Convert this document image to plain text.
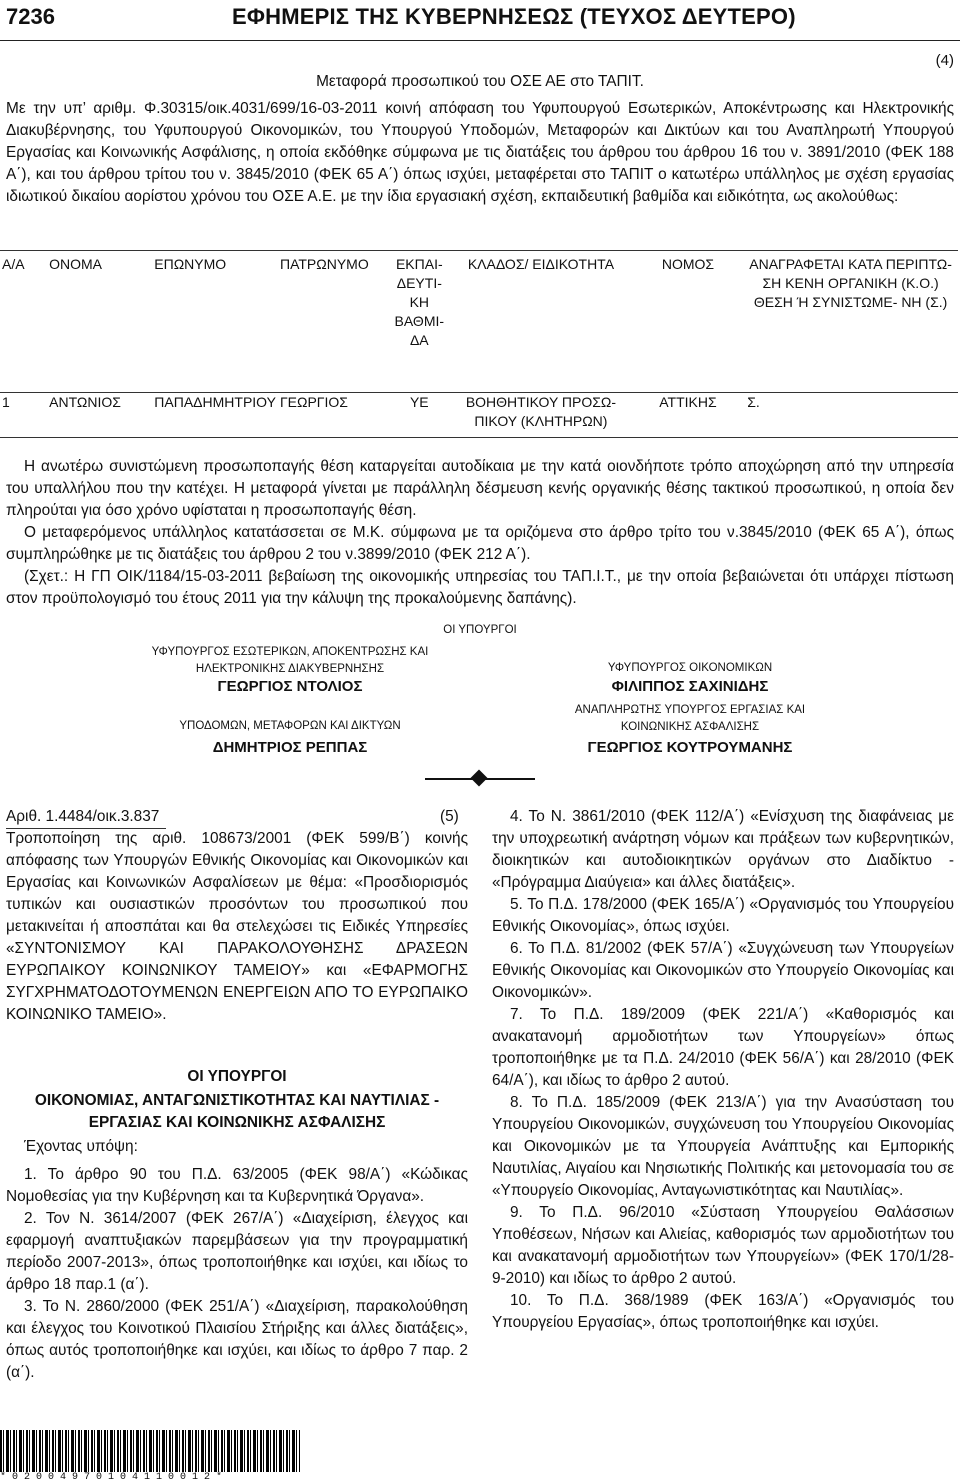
7236	ΕΦΗΜΕΡΙΣ ΤΗΣ ΚΥΒΕΡΝΗΣΕΩΣ (ΤΕΥΧΟΣ ΔΕΥΤΕΡΟ)
(4)
Μεταφορά προσωπικού του ΟΣΕ ΑΕ στο ΤΑΠΙΤ.
Με την υπ’ αριθμ. Φ.30315/οικ.4031/699/16-03-2011 κοινή απόφαση του Υφυπουργού Εσωτερικών, Αποκέντρωσης και Ηλεκτρονικής Διακυβέρνησης, του Υφυπουργού Οικονομικών, του Υπουργού Υποδομών, Μεταφορών και Δικτύων και του Αναπληρωτή Υπουργού Εργασίας και Κοινωνικής Ασφάλισης, η οποία εκδόθηκε σύμφωνα με τις διατάξεις του άρθρου του άρθρου 16 του ν. 3891/2010 (ΦΕΚ 188 Α΄), και του άρθρου τρίτου του ν. 3845/2010 (ΦΕΚ 65 Α΄) όπως ισχύει, μεταφέρεται στο ΤΑΠΙΤ ο κατωτέρω υπάλληλος με σχέση εργασίας ιδιωτικού δικαίου αορίστου χρόνου του ΟΣΕ Α.Ε. με την ίδια εργασιακή σχέση, εκπαιδευτική βαθμίδα και ειδικότητα, ως ακολούθως:
Α/Α	ΟΝΟΜΑ	ΕΠΩΝΥΜΟ	ΠΑΤΡΩΝΥΜΟ	ΕΚΠΑΙ- ΔΕΥΤΙ- ΚΗ ΒΑΘΜΙ- ΔΑ	ΚΛΑΔΟΣ/ ΕΙΔΙΚΟΤΗΤΑ	ΝΟΜΟΣ	ΑΝΑΓΡΑΦΕΤΑΙ ΚΑΤΑ ΠΕΡΙΠΤΩ- ΣΗ ΚΕΝΗ ΟΡΓΑΝΙΚΗ (Κ.Ο.) ΘΕΣΗ Ή ΣΥΝΙΣΤΩΜΕ- ΝΗ (Σ.)
1	ΑΝΤΩΝΙΟΣ	ΠΑΠΑΔΗΜΗΤΡΙΟΥ	ΓΕΩΡΓΙΟΣ	ΥΕ	ΒΟΗΘΗΤΙΚΟΥ ΠΡΟΣΩ- ΠΙΚΟΥ (ΚΛΗΤΗΡΩΝ)	ΑΤΤΙΚΗΣ	Σ.
Η ανωτέρω συνιστώμενη προσωποπαγής θέση καταργείται αυτοδίκαια με την κατά οιονδήποτε τρόπο αποχώρηση από την υπηρεσία του υπαλλήλου που την κατέχει. Η μεταφορά γίνεται με παράλληλη δέσμευση κενής οργανικής θέσης τακτικού προσωπικού, η οποία δεν πληρούται για όσο χρόνο υφίσταται η προσωποπαγής θέση.
Ο μεταφερόμενος υπάλληλος κατατάσσεται σε Μ.Κ. σύμφωνα με τα οριζόμενα στο άρθρο τρίτο του ν.3845/2010 (ΦΕΚ 65 Α΄), όπως συμπληρώθηκε με τις διατάξεις του άρθρου 2 του ν.3899/2010 (ΦΕΚ 212 Α΄).
(Σχετ.: Η ΓΠ ΟΙΚ/1184/15-03-2011 βεβαίωση της οικονομικής υπηρεσίας του ΤΑΠ.Ι.Τ., με την οποία βεβαιώνεται ότι υπάρχει πίστωση στον προϋπολογισμό του έτους 2011 για την κάλυψη της προκαλούμενης δαπάνης).
ΟΙ ΥΠΟΥΡΓΟΙ
ΥΦΥΠΟΥΡΓΟΣ ΕΣΩΤΕΡΙΚΩΝ, ΑΠΟΚΕΝΤΡΩΣΗΣ ΚΑΙ ΗΛΕΚΤΡΟΝΙΚΗΣ ΔΙΑΚΥΒΕΡΝΗΣΗΣ
ΓΕΩΡΓΙΟΣ ΝΤΟΛΙΟΣ
ΥΦΥΠΟΥΡΓΟΣ ΟΙΚΟΝΟΜΙΚΩΝ
ΦΙΛΙΠΠΟΣ ΣΑΧΙΝΙΔΗΣ
ΥΠΟΔΟΜΩΝ, ΜΕΤΑΦΟΡΩΝ ΚΑΙ ΔΙΚΤΥΩΝ
ΔΗΜΗΤΡΙΟΣ ΡΕΠΠΑΣ
ΑΝΑΠΛΗΡΩΤΗΣ ΥΠΟΥΡΓΟΣ ΕΡΓΑΣΙΑΣ ΚΑΙ ΚΟΙΝΩΝΙΚΗΣ ΑΣΦΑΛΙΣΗΣ
ΓΕΩΡΓΙΟΣ ΚΟΥΤΡΟΥΜΑΝΗΣ
Αριθ. 1.4484/οικ.3.837	(5)
Τροποποίηση της αριθ. 108673/2001 (ΦΕΚ 599/Β΄) κοινής απόφασης των Υπουργών Εθνικής Οικονομίας και Οικονομικών και Εργασίας και Κοινωνικών Ασφαλίσεων με θέμα: «Προσδιορισμός τυπικών και ουσιαστικών προσόντων του προσωπικού που μετακινείται ή αποσπάται και θα στελεχώσει τις Ειδικές Υπηρεσίες «ΣΥΝΤΟΝΙΣΜΟΥ ΚΑΙ ΠΑΡΑΚΟΛΟΥΘΗΣΗΣ ΔΡΑΣΕΩΝ ΕΥΡΩΠΑΙΚΟΥ ΚΟΙΝΩΝΙΚΟΥ ΤΑΜΕΙΟΥ» και «ΕΦΑΡΜΟΓΗΣ ΣΥΓΧΡΗΜΑΤΟΔΟΤΟΥΜΕΝΩΝ ΕΝΕΡΓΕΙΩΝ ΑΠΟ ΤΟ ΕΥΡΩΠΑΙΚΟ ΚΟΙΝΩΝΙΚΟ ΤΑΜΕΙΟ».
ΟΙ ΥΠΟΥΡΓΟΙ
ΟΙΚΟΝΟΜΙΑΣ, ΑΝΤΑΓΩΝΙΣΤΙΚΟΤΗΤΑΣ ΚΑΙ ΝΑΥΤΙΛΙΑΣ - ΕΡΓΑΣΙΑΣ ΚΑΙ ΚΟΙΝΩΝΙΚΗΣ ΑΣΦΑΛΙΣΗΣ
Έχοντας υπόψη:

1. Το άρθρο 90 του Π.Δ. 63/2005 (ΦΕΚ 98/Α΄) «Κώδικας Νομοθεσίας για την Κυβέρνηση και τα Κυβερνητικά Όργανα».

2. Τον Ν. 3614/2007 (ΦΕΚ 267/Α΄) «Διαχείριση, έλεγχος και εφαρμογή αναπτυξιακών παρεμβάσεων για την προγραμματική περίοδο 2007-2013», όπως τροποποιήθηκε και ισχύει, και ιδίως το άρθρο 18 παρ.1 (α΄).

3. Το Ν. 2860/2000 (ΦΕΚ 251/Α΄) «Διαχείριση, παρακολούθηση και έλεγχος του Κοινοτικού Πλαισίου Στήριξης και άλλες διατάξεις», όπως αυτός τροποποιήθηκε και ισχύει, και ιδίως το άρθρο 7 παρ. 2 (α΄).

4. Το Ν. 3861/2010 (ΦΕΚ 112/Α΄) «Ενίσχυση της διαφάνειας με την υποχρεωτική ανάρτηση νόμων και πράξεων των κυβερνητικών, διοικητικών και αυτοδιοικητικών οργάνων στο Διαδίκτυο - «Πρόγραμμα Διαύγεια» και άλλες διατάξεις».

5. Το Π.Δ. 178/2000 (ΦΕΚ 165/Α΄) «Οργανισμός του Υπουργείου Εθνικής Οικονομίας», όπως ισχύει.

6. Το Π.Δ. 81/2002 (ΦΕΚ 57/Α΄) «Συγχώνευση των Υπουργείων Εθνικής Οικονομίας και Οικονομικών στο Υπουργείο Οικονομίας και Οικονομικών».

7. Το Π.Δ. 189/2009 (ΦΕΚ 221/Α΄) «Καθορισμός και ανακατανομή αρμοδιοτήτων των Υπουργείων» όπως τροποποιήθηκε με τα Π.Δ. 24/2010 (ΦΕΚ 56/Α΄) και 28/2010 (ΦΕΚ 64/Α΄), και ιδίως το άρθρο 2 αυτού.

8. Το Π.Δ. 185/2009 (ΦΕΚ 213/Α΄) για την Ανασύσταση του Υπουργείου Οικονομικών, συγχώνευση του Υπουργείου Οικονομίας και Οικονομικών με τα Υπουργεία Ανάπτυξης και Εμπορικής Ναυτιλίας, Αιγαίου και Νησιωτικής Πολιτικής και μετονομασία του σε «Υπουργείο Οικονομίας, Ανταγωνιστικότητας και Ναυτιλίας».

9. Το Π.Δ. 96/2010 «Σύσταση Υπουργείου Θαλάσσιων Υποθέσεων, Νήσων και Αλιείας, καθορισμός των αρμοδιοτήτων του και ανακατανομή αρμοδιοτήτων των Υπουργείων» (ΦΕΚ 170/1/28-9-2010) και ιδίως το άρθρο 2 αυτού.

10. Το Π.Δ. 368/1989 (ΦΕΚ 163/Α΄) «Οργανισμός του Υπουργείου Εργασίας», όπως τροποποιήθηκε και ισχύει.

*02004970104110012*
